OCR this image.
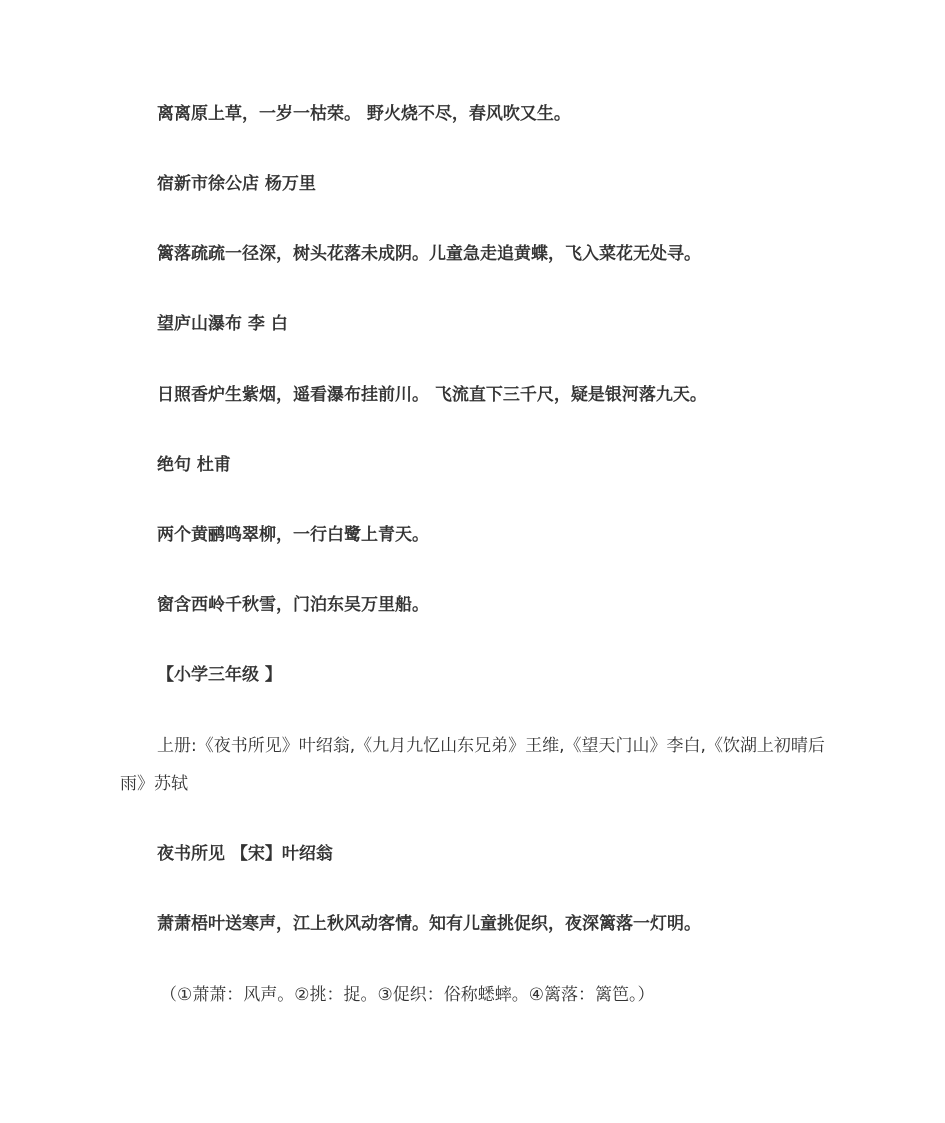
离离原上草，一岁一枯荣。 野火烧不尽，春风吹又生。
宿新市徐公店 杨万里
篱落疏疏一径深，树头花落未成阴。儿童急走追黄蝶，飞入菜花无处寻。
望庐山瀑布 李 白
日照香炉生紫烟，遥看瀑布挂前川。 飞流直下三千尺，疑是银河落九天。
绝句 杜甫
两个黄鹂鸣翠柳，一行白鹭上青天。
窗含西岭千秋雪，门泊东吴万里船。
【小学三年级 】
上册:《夜书所见》叶绍翁,《九月九忆山东兄弟》王维,《望天门山》李白,《饮湖上初晴后雨》苏轼
夜书所见 【宋】叶绍翁
萧萧梧叶送寒声，江上秋风动客情。知有儿童挑促织，夜深篱落一灯明。
（①萧萧：风声。②挑：捉。③促织：俗称蟋蟀。④篱落：篱笆。）
